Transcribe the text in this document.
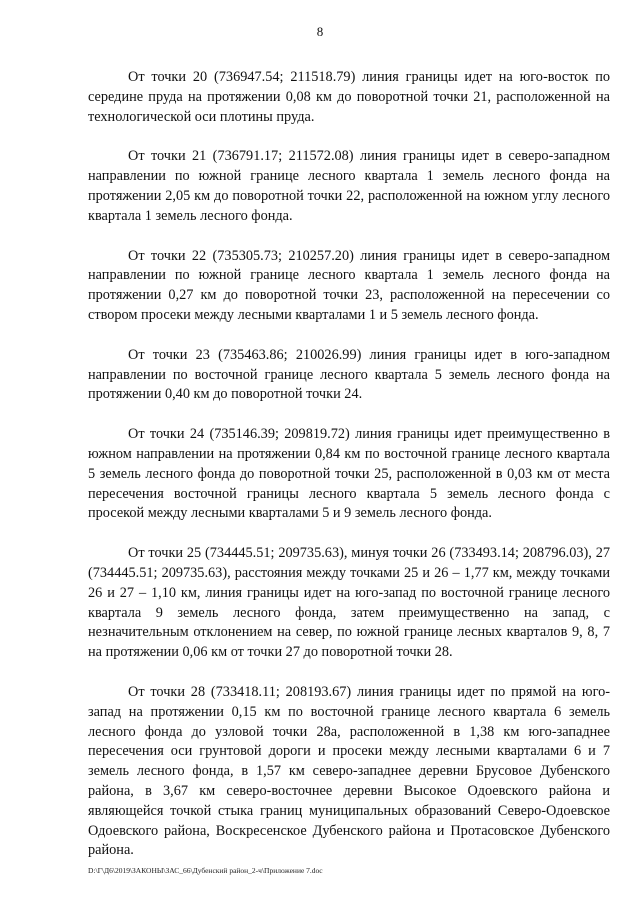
8

От точки 20 (736947.54; 211518.79) линия границы идет на юго-восток по середине пруда на протяжении 0,08 км до поворотной точки 21, расположенной на технологической оси плотины пруда.

От точки 21 (736791.17; 211572.08) линия границы идет в северо-западном направлении по южной границе лесного квартала 1 земель лесного фонда на протяжении 2,05 км до поворотной точки 22, расположенной на южном углу лесного квартала 1 земель лесного фонда.

От точки 22 (735305.73; 210257.20) линия границы идет в северо-западном направлении по южной границе лесного квартала 1 земель лесного фонда на протяжении 0,27 км до поворотной точки 23, расположенной на пересечении со створом просеки между лесными кварталами 1 и 5 земель лесного фонда.

От точки 23 (735463.86; 210026.99) линия границы идет в юго-западном направлении по восточной границе лесного квартала 5 земель лесного фонда на протяжении 0,40 км до поворотной точки 24.

От точки 24 (735146.39; 209819.72) линия границы идет преимущественно в южном направлении на протяжении 0,84 км по восточной границе лесного квартала 5 земель лесного фонда до поворотной точки 25, расположенной в 0,03 км от места пересечения восточной границы лесного квартала 5 земель лесного фонда с просекой между лесными кварталами 5 и 9 земель лесного фонда.

От точки 25 (734445.51; 209735.63), минуя точки 26 (733493.14; 208796.03), 27 (734445.51; 209735.63), расстояния между точками 25 и 26 – 1,77 км, между точками 26 и 27 – 1,10 км, линия границы идет на юго-запад по восточной границе лесного квартала 9 земель лесного фонда, затем преимущественно на запад, с незначительным отклонением на север, по южной границе лесных кварталов 9, 8, 7 на протяжении 0,06 км от точки 27 до поворотной точки 28.

От точки 28 (733418.11; 208193.67) линия границы идет по прямой на юго-запад на протяжении 0,15 км по восточной границе лесного квартала 6 земель лесного фонда до узловой точки 28а, расположенной в 1,38 км юго-западнее пересечения оси грунтовой дороги и просеки между лесными кварталами 6 и 7 земель лесного фонда, в 1,57 км северо-западнее деревни Брусовое Дубенского района, в 3,67 км северо-восточнее деревни Высокое Одоевского района и являющейся точкой стыка границ муниципальных образований Северо-Одоевское Одоевского района, Воскресенское Дубенского района и Протасовское Дубенского района.

D:\Г\Д6\2019\ЗАКОНЫ\ЗАС_66\Дубенский район_2-ч\Приложение 7.doc
